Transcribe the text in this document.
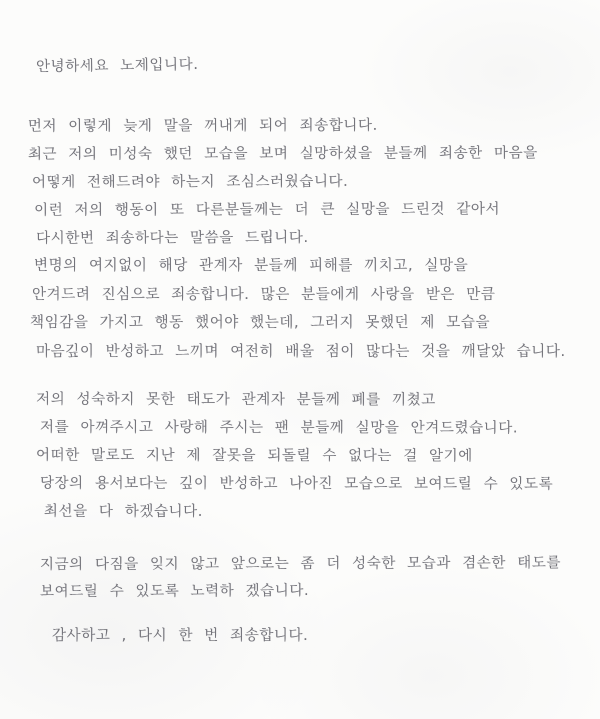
안녕하세요 노제입니다.

먼저 이렇게 늦게 말을 꺼내게 되어 죄송합니다.

최근 저의 미성숙 했던 모습을 보며 실망하셨을 분들께 죄송한 마음을

어떻게 전해드려야 하는지 조심스러웠습니다.

이런 저의 행동이 또 다른분들께는 더 큰 실망을 드린것 같아서

다시한번 죄송하다는 말씀을 드립니다.

변명의 여지없이 해당 관계자 분들께 피해를 끼치고, 실망을

안겨드려 진심으로 죄송합니다. 많은 분들에게 사랑을 받은 만큼

책임감을 가지고 행동 했어야 했는데, 그러지 못했던 제 모습을

마음깊이 반성하고 느끼며 여전히 배울 점이 많다는 것을 깨달았 습니다.

저의 성숙하지 못한 태도가 관계자 분들께 폐를 끼쳤고

저를 아껴주시고 사랑해 주시는 팬 분들께 실망을 안겨드렸습니다.

어떠한 말로도 지난 제 잘못을 되돌릴 수 없다는 걸 알기에

당장의 용서보다는 깊이 반성하고 나아진 모습으로 보여드릴 수 있도록

최선을 다 하겠습니다.

지금의 다짐을 잊지 않고 앞으로는 좀 더 성숙한 모습과 겸손한 태도를

보여드릴 수 있도록 노력하 겠습니다.

감사하고 , 다시 한 번 죄송합니다.
